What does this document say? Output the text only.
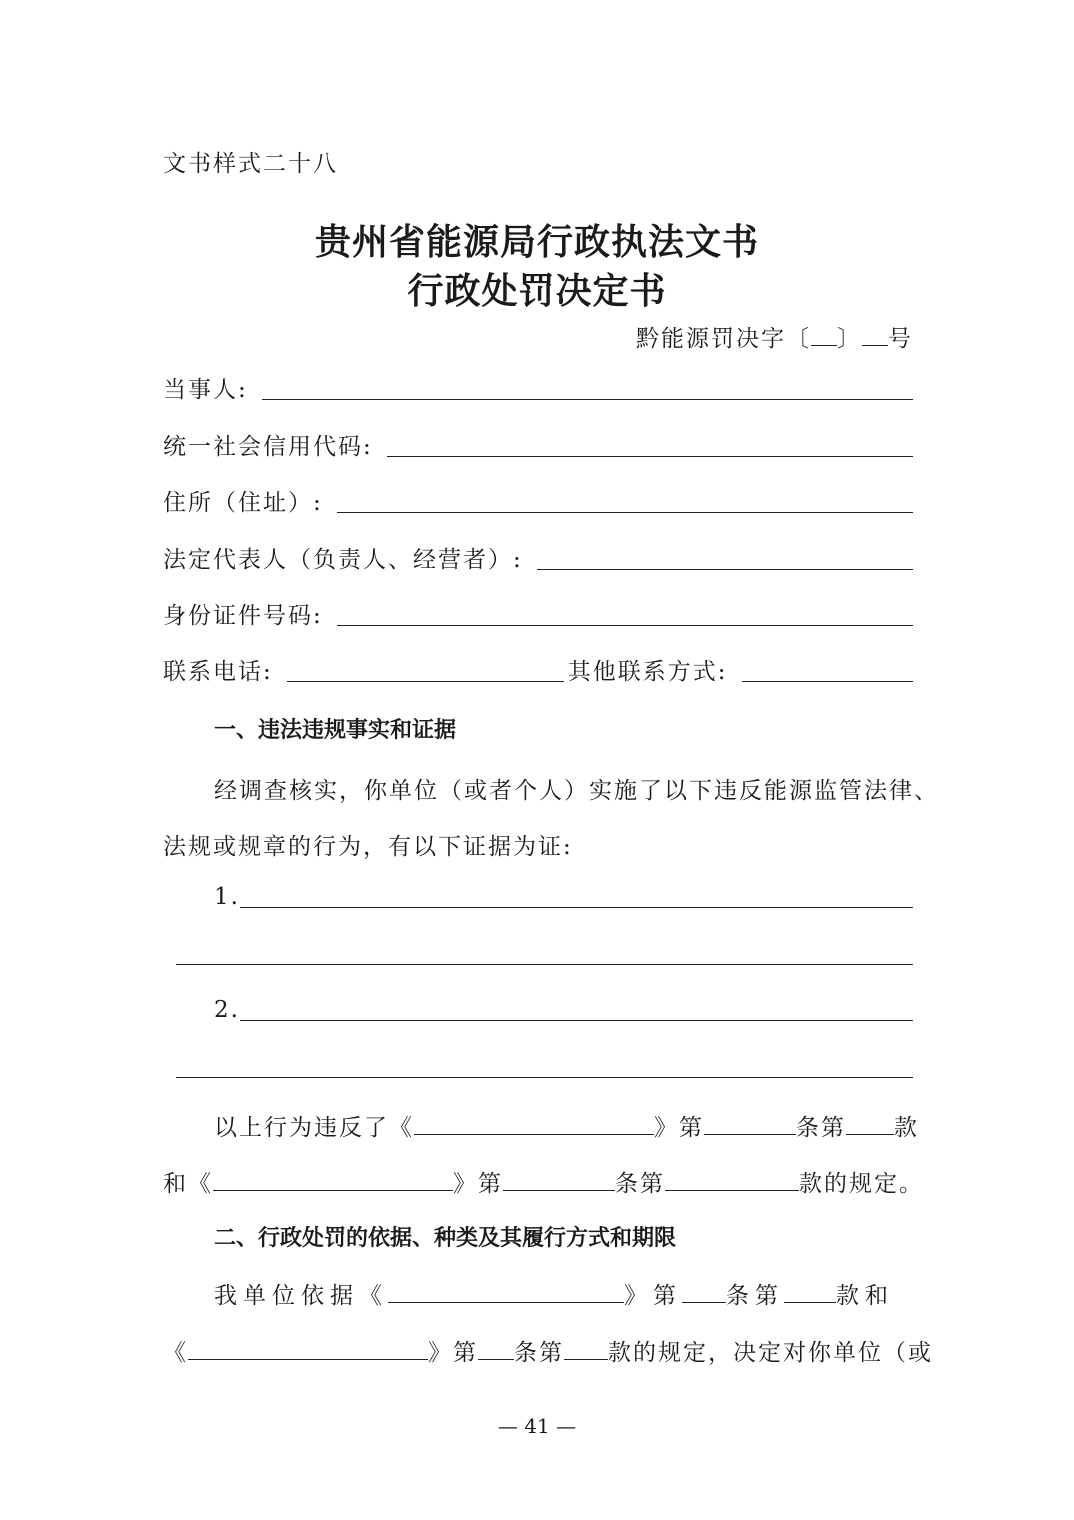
文书样式二十八
贵州省能源局行政执法文书
行政处罚决定书
黔能源罚决字〔 〕 号
当事人:
统一社会信用代码:
住所（住址）:
法定代表人（负责人、经营者）:
身份证件号码:
联系电话:	其他联系方式:
一、违法违规事实和证据
经调查核实，你单位（或者个人）实施了以下违反能源监管法律、
法规或规章的行为，有以下证据为证:
1.
2.
以上行为违反了《	》第	条第 款
和《	》第	条第	款的规定。
二、行政处罚的依据、种类及其履行方式和期限
我单位依据《	》第 条第 款和
《	》第 条第 款的规定，决定对你单位（或
— 41 —
